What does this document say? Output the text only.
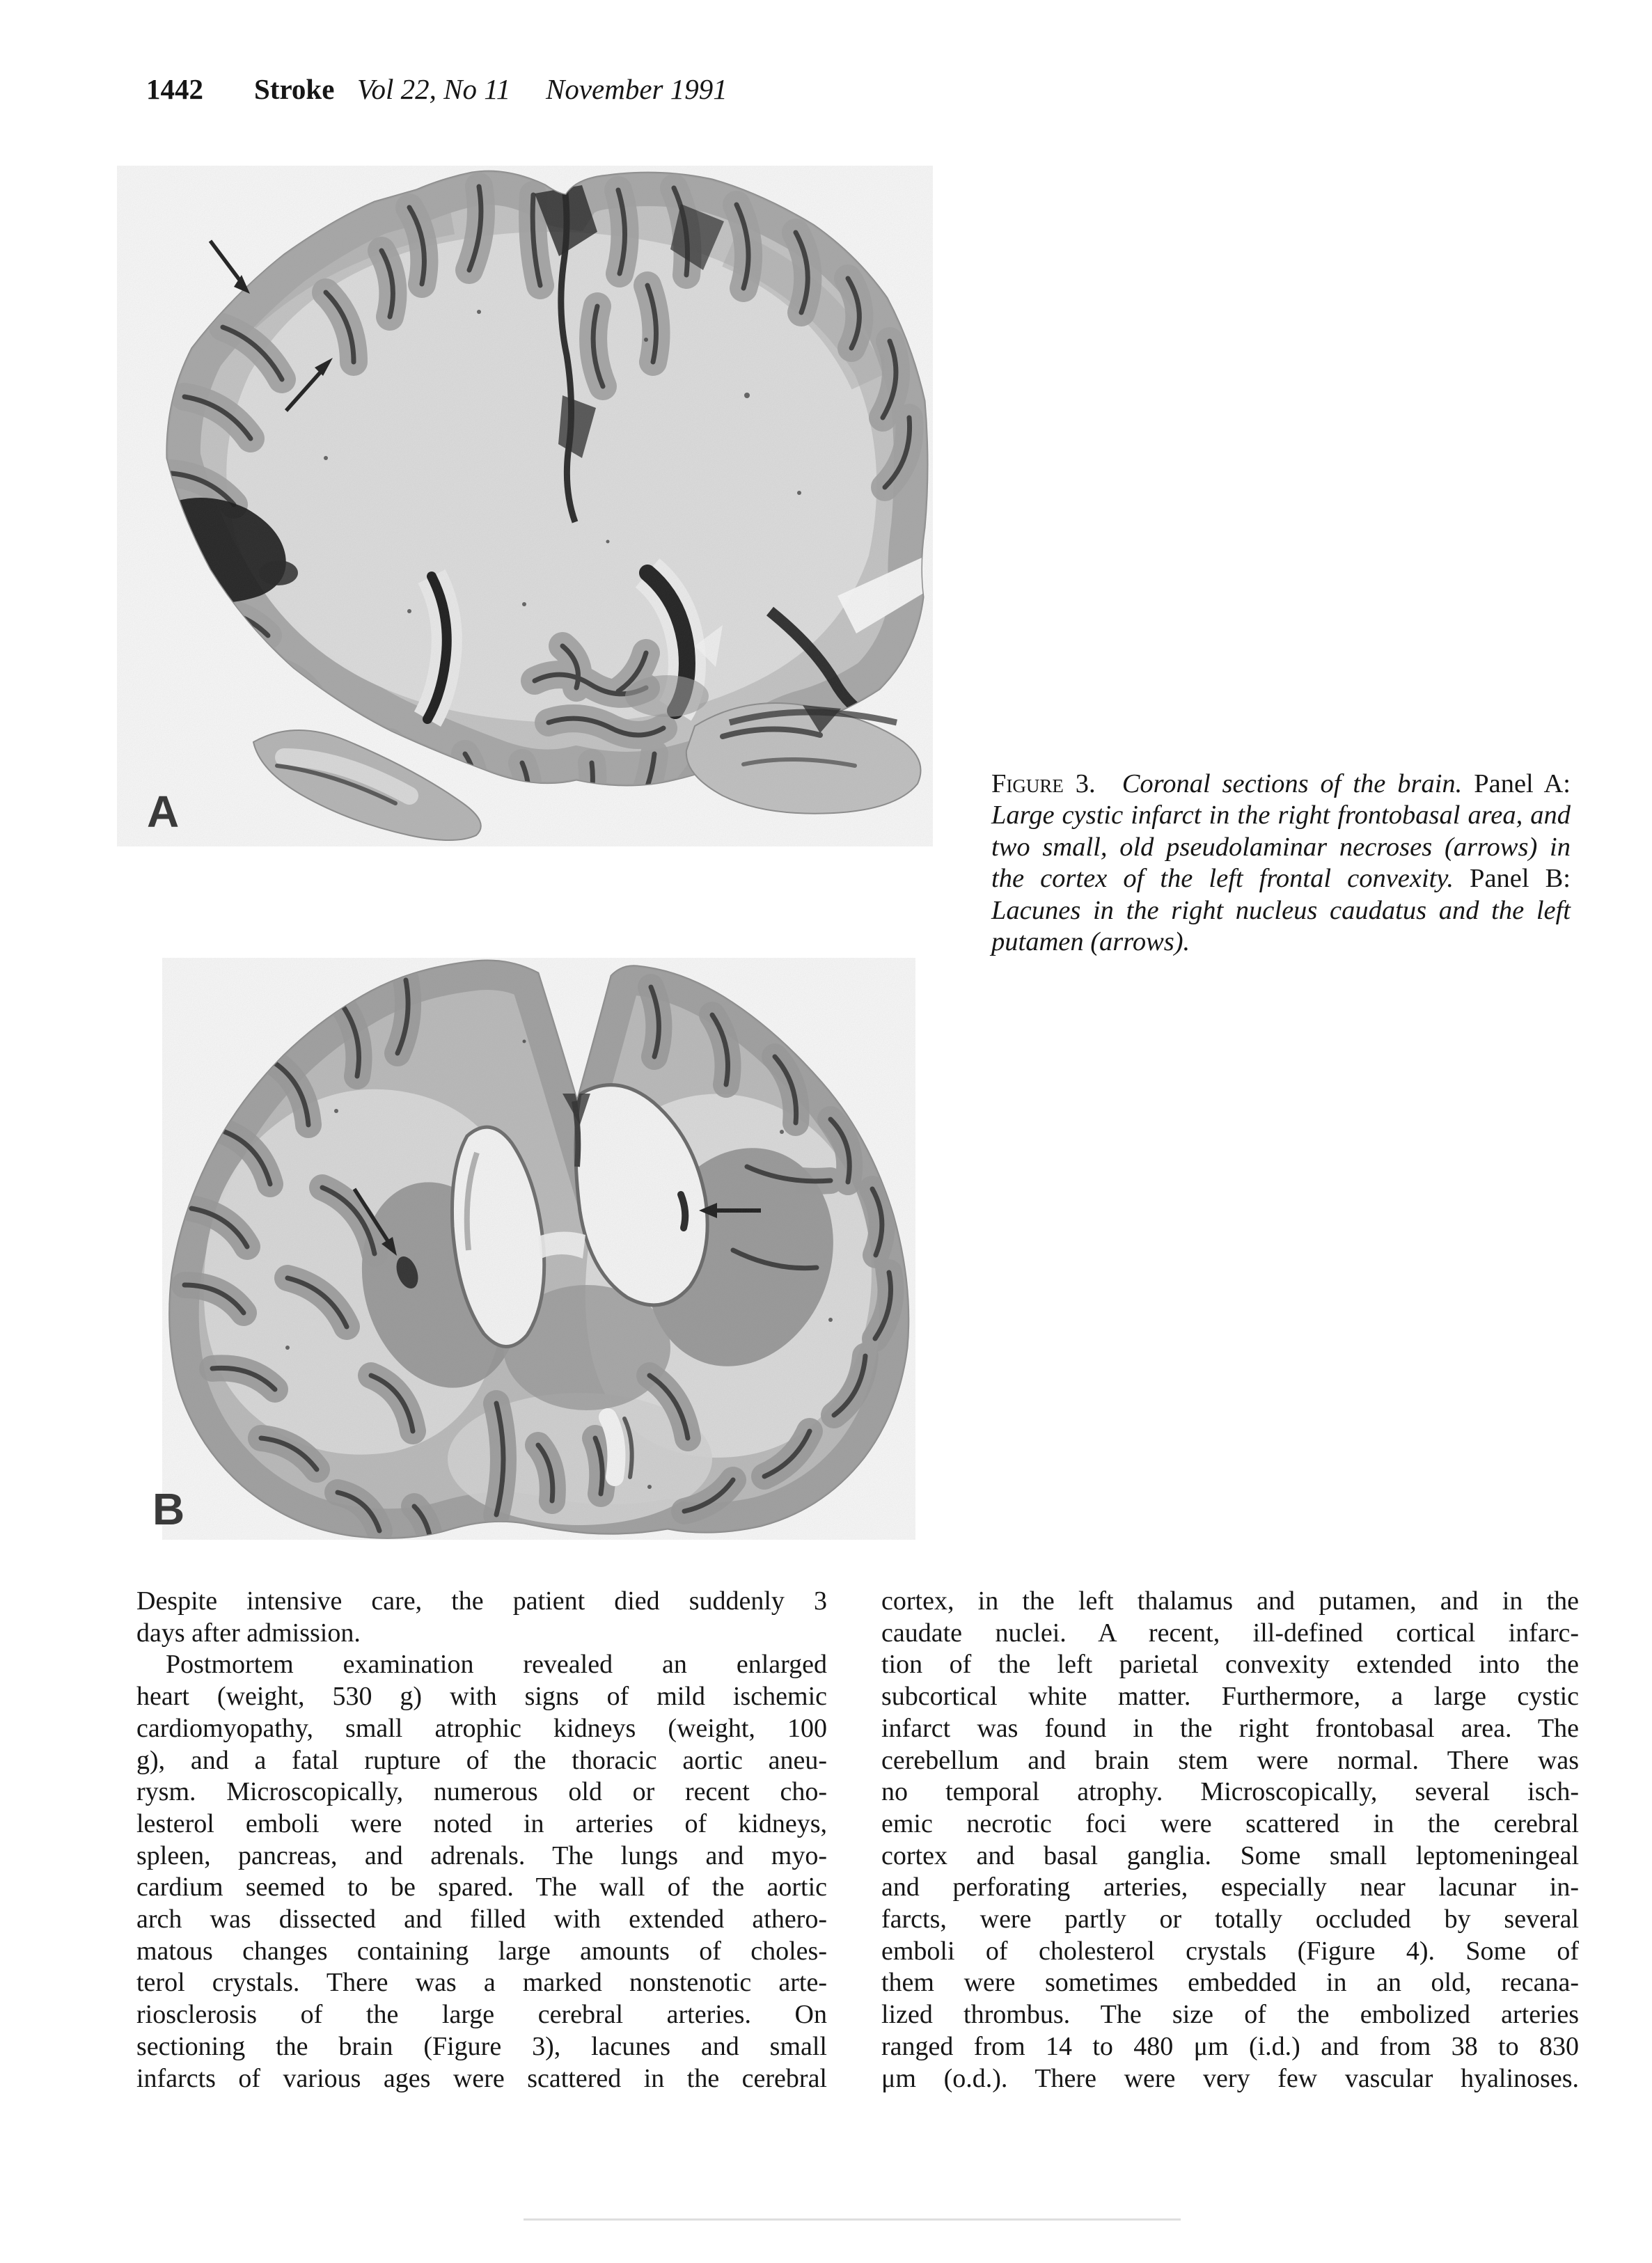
1442 Stroke Vol 22, No 11 November 1991
A
B

Figure 3. Coronal sections of the brain. Panel A: Large cystic infarct in the right frontobasal area, and two small, old pseudolaminar necroses (arrows) in the cortex of the left frontal convexity. Panel B: Lacunes in the right nucleus caudatus and the left putamen (arrows).

Despite intensive care, the patient died suddenly 3
days after admission.
Postmortem examination revealed an enlarged
heart (weight, 530 g) with signs of mild ischemic
cardiomyopathy, small atrophic kidneys (weight, 100
g), and a fatal rupture of the thoracic aortic aneu-
rysm. Microscopically, numerous old or recent cho-
lesterol emboli were noted in arteries of kidneys,
spleen, pancreas, and adrenals. The lungs and myo-
cardium seemed to be spared. The wall of the aortic
arch was dissected and filled with extended athero-
matous changes containing large amounts of choles-
terol crystals. There was a marked nonstenotic arte-
riosclerosis of the large cerebral arteries. On
sectioning the brain (Figure 3), lacunes and small
infarcts of various ages were scattered in the cerebral
cortex, in the left thalamus and putamen, and in the
caudate nuclei. A recent, ill-defined cortical infarc-
tion of the left parietal convexity extended into the
subcortical white matter. Furthermore, a large cystic
infarct was found in the right frontobasal area. The
cerebellum and brain stem were normal. There was
no temporal atrophy. Microscopically, several isch-
emic necrotic foci were scattered in the cerebral
cortex and basal ganglia. Some small leptomeningeal
and perforating arteries, especially near lacunar in-
farcts, were partly or totally occluded by several
emboli of cholesterol crystals (Figure 4). Some of
them were sometimes embedded in an old, recana-
lized thrombus. The size of the embolized arteries
ranged from 14 to 480 μm (i.d.) and from 38 to 830
μm (o.d.). There were very few vascular hyalinoses.
